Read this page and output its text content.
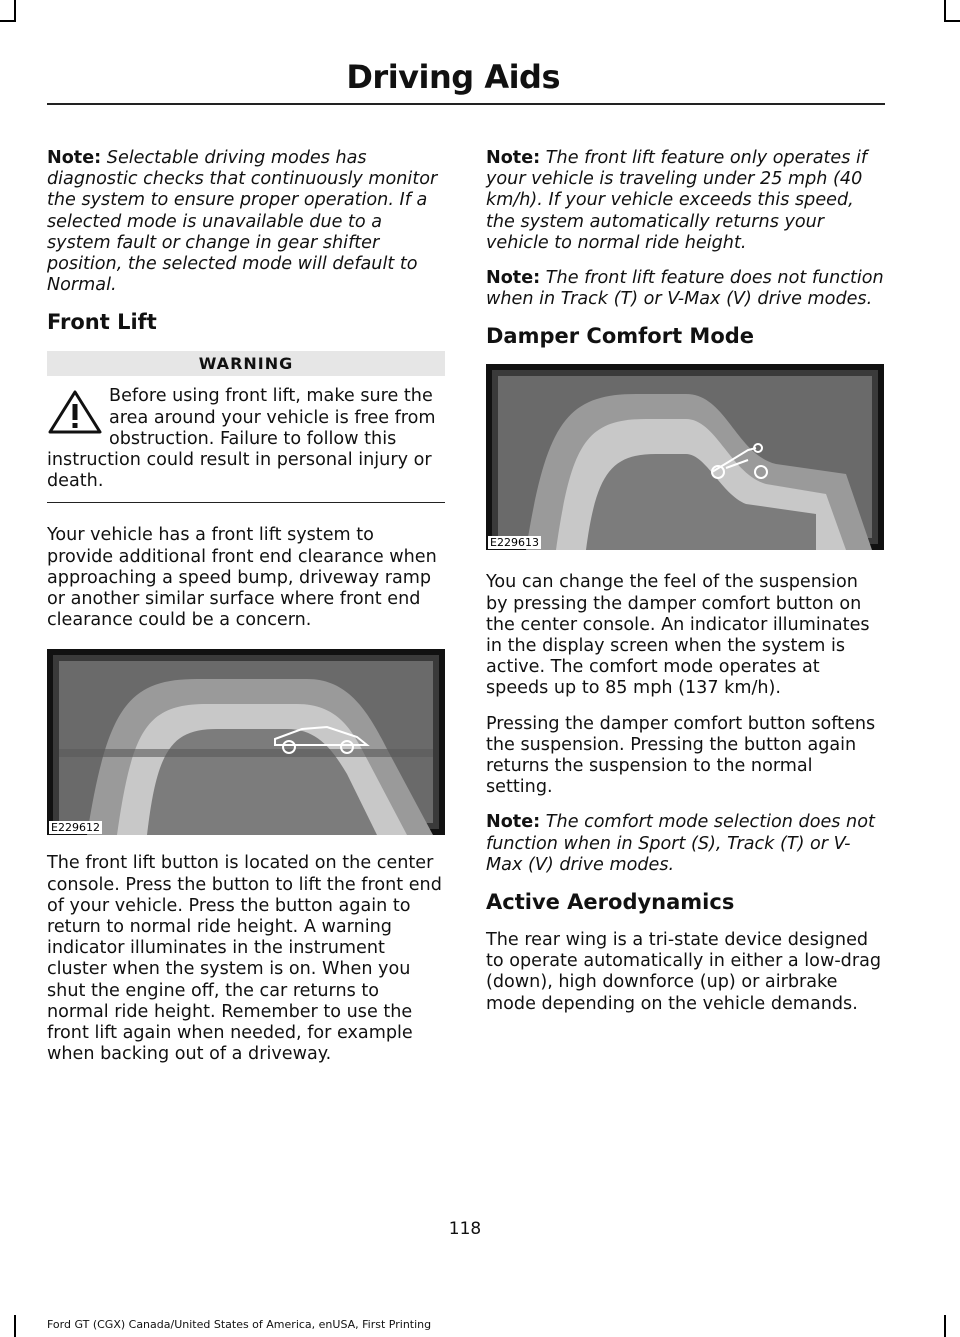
Driving Aids

Note: Selectable driving modes has diagnostic checks that continuously monitor the system to ensure proper operation. If a selected mode is unavailable due to a system fault or change in gear shifter position, the selected mode will default to Normal.

Front Lift
WARNING
Before using front lift, make sure the area around your vehicle is free from obstruction. Failure to follow this instruction could result in personal injury or death.

Your vehicle has a front lift system to provide additional front end clearance when approaching a speed bump, driveway ramp or another similar surface where front end clearance could be a concern.

E229612

The front lift button is located on the center console. Press the button to lift the front end of your vehicle. Press the button again to return to normal ride height. A warning indicator illuminates in the instrument cluster when the system is on. When you shut the engine off, the car returns to normal ride height. Remember to use the front lift again when needed, for example when backing out of a driveway.

Note: The front lift feature only operates if your vehicle is traveling under 25 mph (40 km/h). If your vehicle exceeds this speed, the system automatically returns your vehicle to normal ride height.

Note: The front lift feature does not function when in Track (T) or V-Max (V) drive modes.

Damper Comfort Mode
E229613

You can change the feel of the suspension by pressing the damper comfort button on the center console. An indicator illuminates in the display screen when the system is active. The comfort mode operates at speeds up to 85 mph (137 km/h).

Pressing the damper comfort button softens the suspension. Pressing the button again returns the suspension to the normal setting.

Note: The comfort mode selection does not function when in Sport (S), Track (T) or V-Max (V) drive modes.

Active Aerodynamics

The rear wing is a tri-state device designed to operate automatically in either a low-drag (down), high downforce (up) or airbrake mode depending on the vehicle demands.

118
Ford GT (CGX) Canada/United States of America, enUSA, First Printing
